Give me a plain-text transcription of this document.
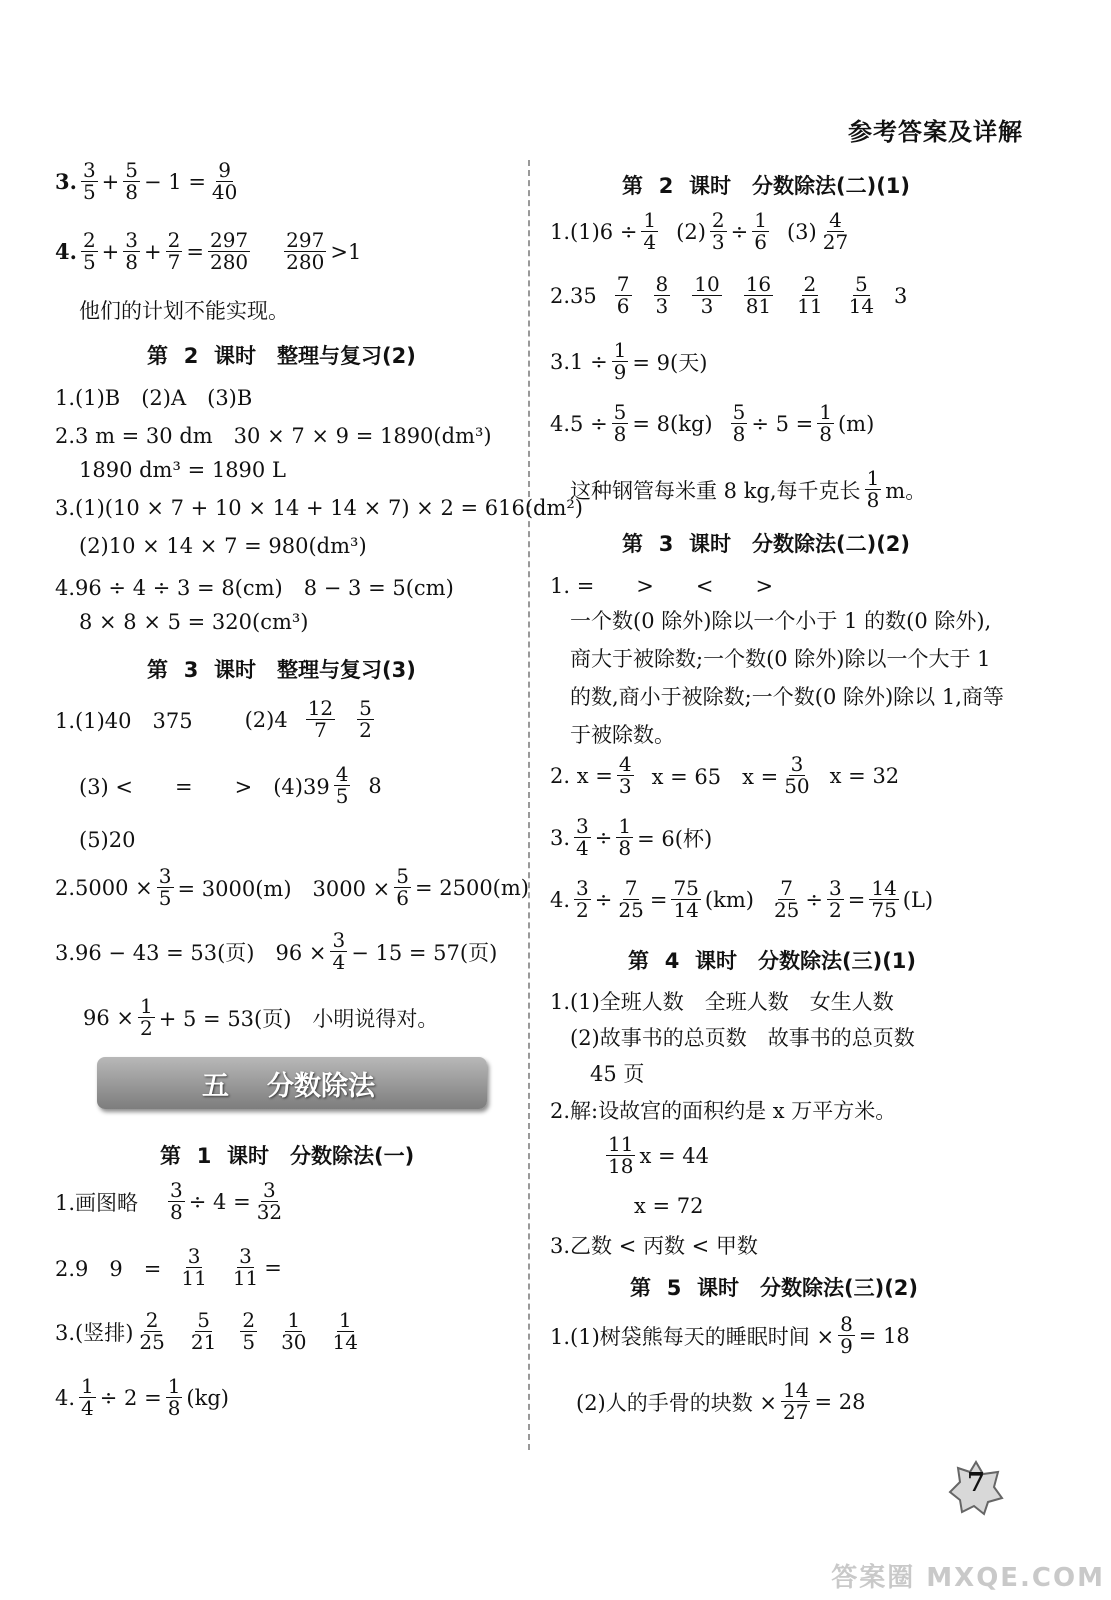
参考答案及详解
3. 3
$5 + \frac{5}{8} - 1 = \frac{9}{40}$
4. 2
$5 + \frac{3}{8} + \frac{2}{7} = \frac{297}{280} 297$
280 >1
他们的计划不能实现。
第 2 课时　整理与复习(2)
1.(1)B　(2)A　(3)B
2.3 m = 30 dm　30 × 7 × 9 = 1890(dm³)
1890 dm³ = 1890 L
3.(1)(10 × 7 + 10 × 14 + 14 × 7) × 2 = 616(dm²)
(2)10 × 14 × 7 = 980(dm³)
4.96 ÷ 4 ÷ 3 = 8(cm)　8 − 3 = 5(cm)
8 × 8 × 5 = 320(cm³)
第 3 课时　整理与复习(3)
1.(1)40　375 (2)4 12
7
5
2
(3) <　　=　　>　(4)39
4
5 8
(5)20
$2.5000 \times \frac{3}{5} = 3000(m)$　$3000 \times \frac{5}{6} = 2500(m)$
3.96 − 43 = 53(页)　$96 \times \frac{3}{4} - 15 = 57$(页)
$96 \times \frac{1}{2} + 5 = 53$(页)　小明说得对。
第 1 课时　分数除法(一)
1.画图略 $\frac{3}{8} \div 4 = \frac{3}{32}$
2.9　9　=
3
$11 \frac{3}{11}$ =
3.(竖排)
2
25
5
21
2
5
1
30
1
14
4. $\frac{1}{4} \div 2 = \frac{1}{8} (kg)$
五 分数除法
第 2 课时　分数除法(二)(1)
$1.(1)6 \div \frac{1}{4} (2) \frac{2}{3} \div \frac{1}{6} (3)$ 4
27
2.35 7
6
8
3
10
3
16
81
2
11
5
14 3
$3.1 \div \frac{1}{9} = 9$(天)
$4.5 \div \frac{5}{8} = 8(kg) \frac{5}{8} \div 5 = \frac{1}{8} (m)$
这种钢管每米重 8 kg,每千克长
1
8 m。
第 3 课时　分数除法(二)(2)
1. =　　>　　<　　>
一个数(0 除外)除以一个小于 1 的数(0 除外),商大于被除数;一个数(0 除外)除以一个大于 1 的数,商小于被除数;一个数(0 除外)除以 1,商等于被除数。
2. $x = \frac{4}{3}$ x = 65　$x = \frac{3}{50}$ x = 32
3. $\frac{3}{4} \div \frac{1}{8} = 6$(杯)
4. $\frac{3}{2} \div \frac{7}{25} = \frac{75}{14} (km) \frac{7}{25} \div \frac{3}{2} = \frac{14}{75} (L)$
第 4 课时　分数除法(三)(1)
1.(1)全班人数　全班人数　女生人数
(2)故事书的总页数　故事书的总页数
45 页
2.解:设故宫的面积约是 x 万平方米。
11
18 x = 44
x = 72
3.乙数 < 丙数 < 甲数
第 5 课时　分数除法(三)(2)
1.(1)树袋熊每天的睡眠时间 × $\frac{8}{9} = 18$
(2)人的手骨的块数 × $\frac{14}{27} = 28$
7
答案圈 MXQE.COM
